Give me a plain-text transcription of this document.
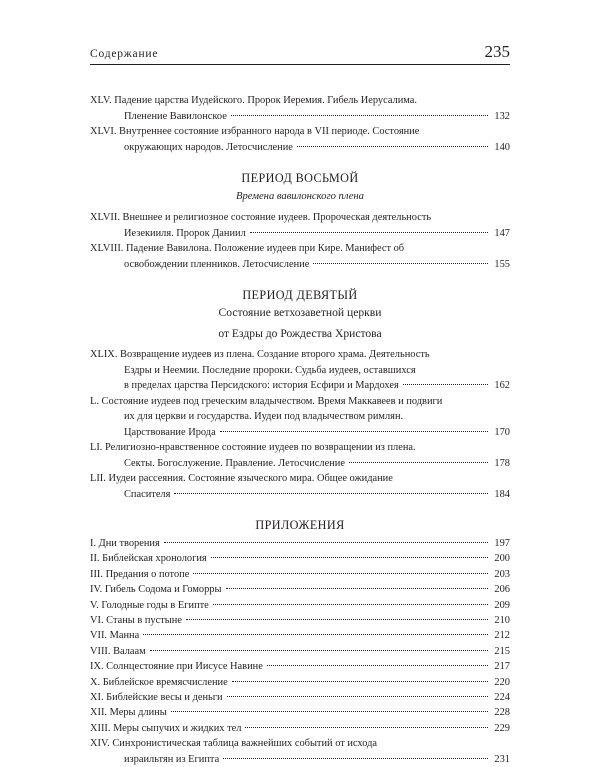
Содержание	235
XLV. Падение царства Иудейского. Пророк Иеремия. Гибель Иерусалима.
Пленение Вавилонское	132
XLVI. Внутреннее состояние избранного народа в VII периоде. Состояние
окружающих народов. Летосчисление	140
ПЕРИОД ВОСЬМОЙ
Времена вавилонского плена
XLVII. Внешнее и религиозное состояние иудеев. Пророческая деятельность
Иезекииля. Пророк Даниил	147
XLVIII. Падение Вавилона. Положение иудеев при Кире. Манифест об
освобождении пленников. Летосчисление	155
ПЕРИОД ДЕВЯТЫЙ
Состояние ветхозаветной церкви
от Ездры до Рождества Христова
XLIX. Возвращение иудеев из плена. Создание второго храма. Деятельность
Ездры и Неемии. Последние пророки. Судьба иудеев, оставшихся
в пределах царства Персидского: история Есфири и Мардохея	162
L. Состояние иудеев под греческим владычеством. Время Маккавеев и подвиги
их для церкви и государства. Иудеи под владычеством римлян.
Царствование Ирода	170
LI. Религиозно-нравственное состояние иудеев по возвращении из плена.
Секты. Богослужение. Правление. Летосчисление	178
LII. Иудеи рассеяния. Состояние языческого мира. Общее ожидание
Спасителя	184
ПРИЛОЖЕНИЯ
I. Дни творения	197
II. Библейская хронология	200
III. Предания о потопе	203
IV. Гибель Содома и Гоморры	206
V. Голодные годы в Египте	209
VI. Станы в пустыне	210
VII. Манна	212
VIII. Валаам	215
IX. Солнцестояние при Иисусе Навине	217
X. Библейское времясчисление	220
XI. Библейские весы и деньги	224
XII. Меры длины	228
XIII. Меры сыпучих и жидких тел	229
XIV. Синхронистическая таблица важнейших событий от исхода
израильтян из Египта	231
